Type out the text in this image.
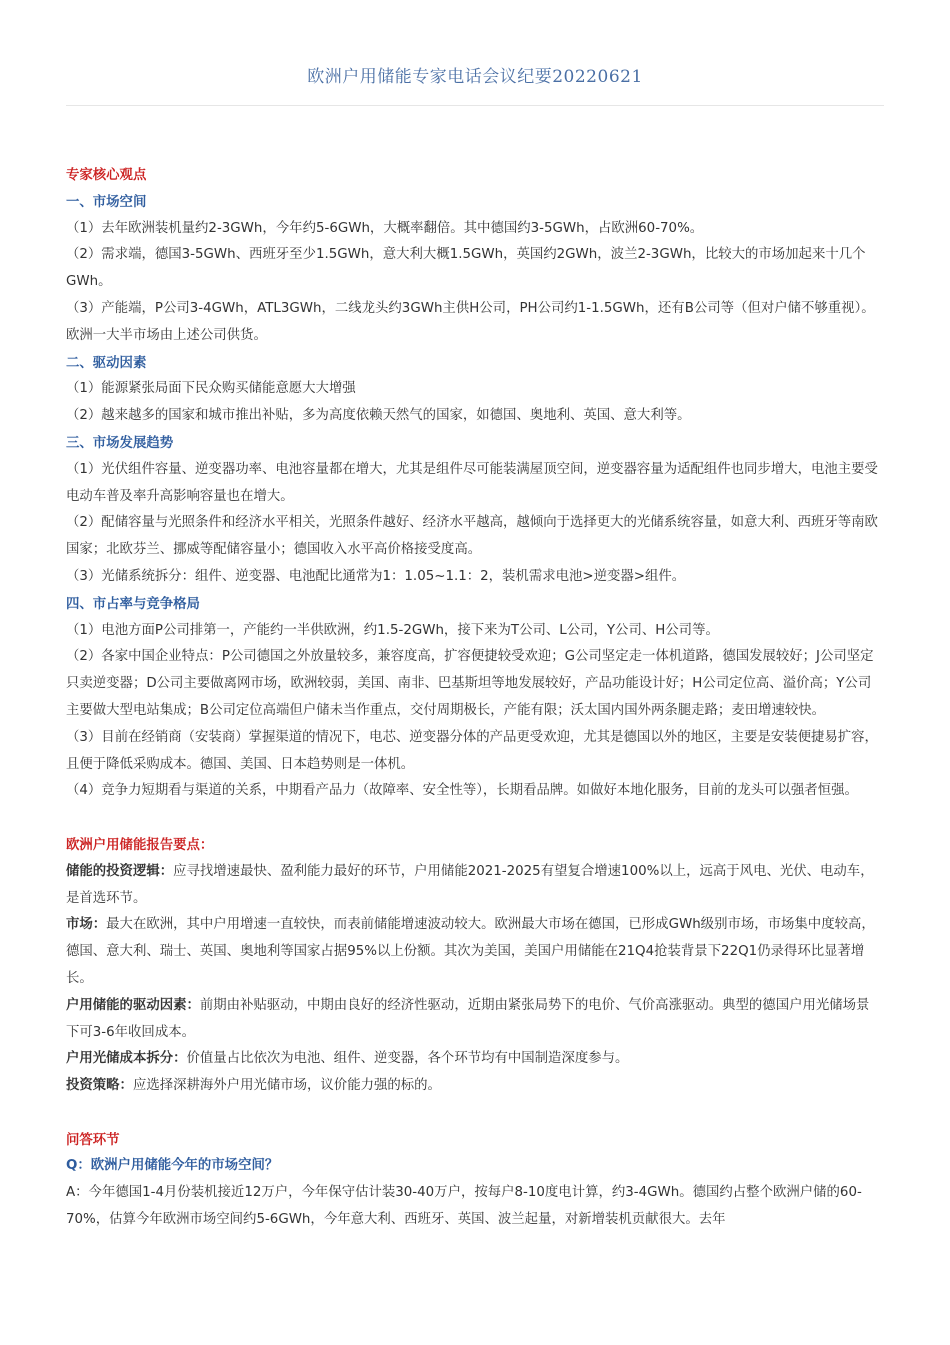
欧洲户用储能专家电话会议纪要20220621
专家核心观点
一、市场空间

（1）去年欧洲装机量约2-3GWh，今年约5-6GWh，大概率翻倍。其中德国约3-5GWh，占欧洲60-70%。

（2）需求端，德国3-5GWh、西班牙至少1.5GWh，意大利大概1.5GWh，英国约2GWh，波兰2-3GWh，比较大的市场加起来十几个GWh。

（3）产能端，P公司3-4GWh，ATL3GWh，二线龙头约3GWh主供H公司，PH公司约1-1.5GWh，还有B公司等（但对户储不够重视）。欧洲一大半市场由上述公司供货。

二、驱动因素

（1）能源紧张局面下民众购买储能意愿大大增强

（2）越来越多的国家和城市推出补贴，多为高度依赖天然气的国家，如德国、奥地利、英国、意大利等。

三、市场发展趋势

（1）光伏组件容量、逆变器功率、电池容量都在增大，尤其是组件尽可能装满屋顶空间，逆变器容量为适配组件也同步增大，电池主要受电动车普及率升高影响容量也在增大。

（2）配储容量与光照条件和经济水平相关，光照条件越好、经济水平越高，越倾向于选择更大的光储系统容量，如意大利、西班牙等南欧国家；北欧芬兰、挪威等配储容量小；德国收入水平高价格接受度高。

（3）光储系统拆分：组件、逆变器、电池配比通常为1：1.05~1.1：2，装机需求电池>逆变器>组件。

四、市占率与竞争格局

（1）电池方面P公司排第一，产能约一半供欧洲，约1.5-2GWh，接下来为T公司、L公司，Y公司、H公司等。

（2）各家中国企业特点：P公司德国之外放量较多，兼容度高，扩容便捷较受欢迎；G公司坚定走一体机道路，德国发展较好；J公司坚定只卖逆变器；D公司主要做离网市场，欧洲较弱，美国、南非、巴基斯坦等地发展较好，产品功能设计好；H公司定位高、溢价高；Y公司主要做大型电站集成；B公司定位高端但户储未当作重点，交付周期极长，产能有限；沃太国内国外两条腿走路；麦田增速较快。

（3）目前在经销商（安装商）掌握渠道的情况下，电芯、逆变器分体的产品更受欢迎，尤其是德国以外的地区，主要是安装便捷易扩容，且便于降低采购成本。德国、美国、日本趋势则是一体机。

（4）竞争力短期看与渠道的关系，中期看产品力（故障率、安全性等），长期看品牌。如做好本地化服务，目前的龙头可以强者恒强。

欧洲户用储能报告要点：

储能的投资逻辑：应寻找增速最快、盈利能力最好的环节，户用储能2021-2025有望复合增速100%以上，远高于风电、光伏、电动车，是首选环节。

市场：最大在欧洲，其中户用增速一直较快，而表前储能增速波动较大。欧洲最大市场在德国，已形成GWh级别市场，市场集中度较高，德国、意大利、瑞士、英国、奥地利等国家占据95%以上份额。其次为美国，美国户用储能在21Q4抢装背景下22Q1仍录得环比显著增长。

户用储能的驱动因素：前期由补贴驱动，中期由良好的经济性驱动，近期由紧张局势下的电价、气价高涨驱动。典型的德国户用光储场景下可3-6年收回成本。

户用光储成本拆分：价值量占比依次为电池、组件、逆变器，各个环节均有中国制造深度参与。

投资策略：应选择深耕海外户用光储市场，议价能力强的标的。

问答环节

Q：欧洲户用储能今年的市场空间？

A：今年德国1-4月份装机接近12万户，今年保守估计装30-40万户，按每户8-10度电计算，约3-4GWh。德国约占整个欧洲户储的60-70%，估算今年欧洲市场空间约5-6GWh，今年意大利、西班牙、英国、波兰起量，对新增装机贡献很大。去年
